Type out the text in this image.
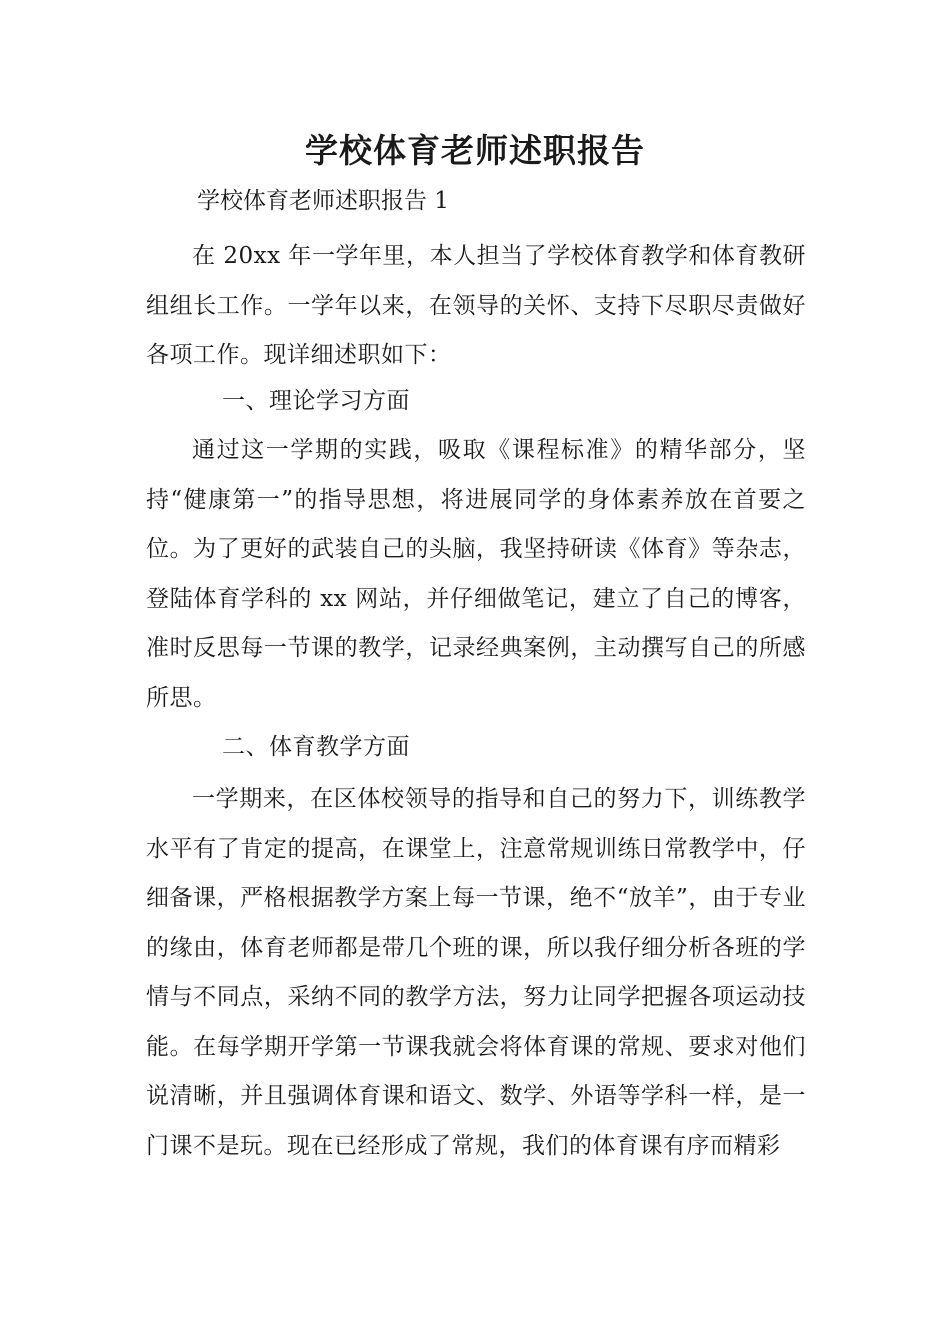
学校体育老师述职报告

学校体育老师述职报告 1

在 20xx 年一学年里，本人担当了学校体育教学和体育教研组组长工作。一学年以来，在领导的关怀、支持下尽职尽责做好各项工作。现详细述职如下：

一、理论学习方面

通过这一学期的实践，吸取《课程标准》的精华部分，坚持“健康第一”的指导思想，将进展同学的身体素养放在首要之位。为了更好的武装自己的头脑，我坚持研读《体育》等杂志，登陆体育学科的 xx 网站，并仔细做笔记，建立了自己的博客，准时反思每一节课的教学，记录经典案例，主动撰写自己的所感所思。

二、体育教学方面

一学期来，在区体校领导的指导和自己的努力下，训练教学水平有了肯定的提高，在课堂上，注意常规训练日常教学中，仔细备课，严格根据教学方案上每一节课，绝不“放羊”，由于专业的缘由，体育老师都是带几个班的课，所以我仔细分析各班的学情与不同点，采纳不同的教学方法，努力让同学把握各项运动技能。在每学期开学第一节课我就会将体育课的常规、要求对他们说清晰，并且强调体育课和语文、数学、外语等学科一样，是一门课不是玩。现在已经形成了常规，我们的体育课有序而精彩
